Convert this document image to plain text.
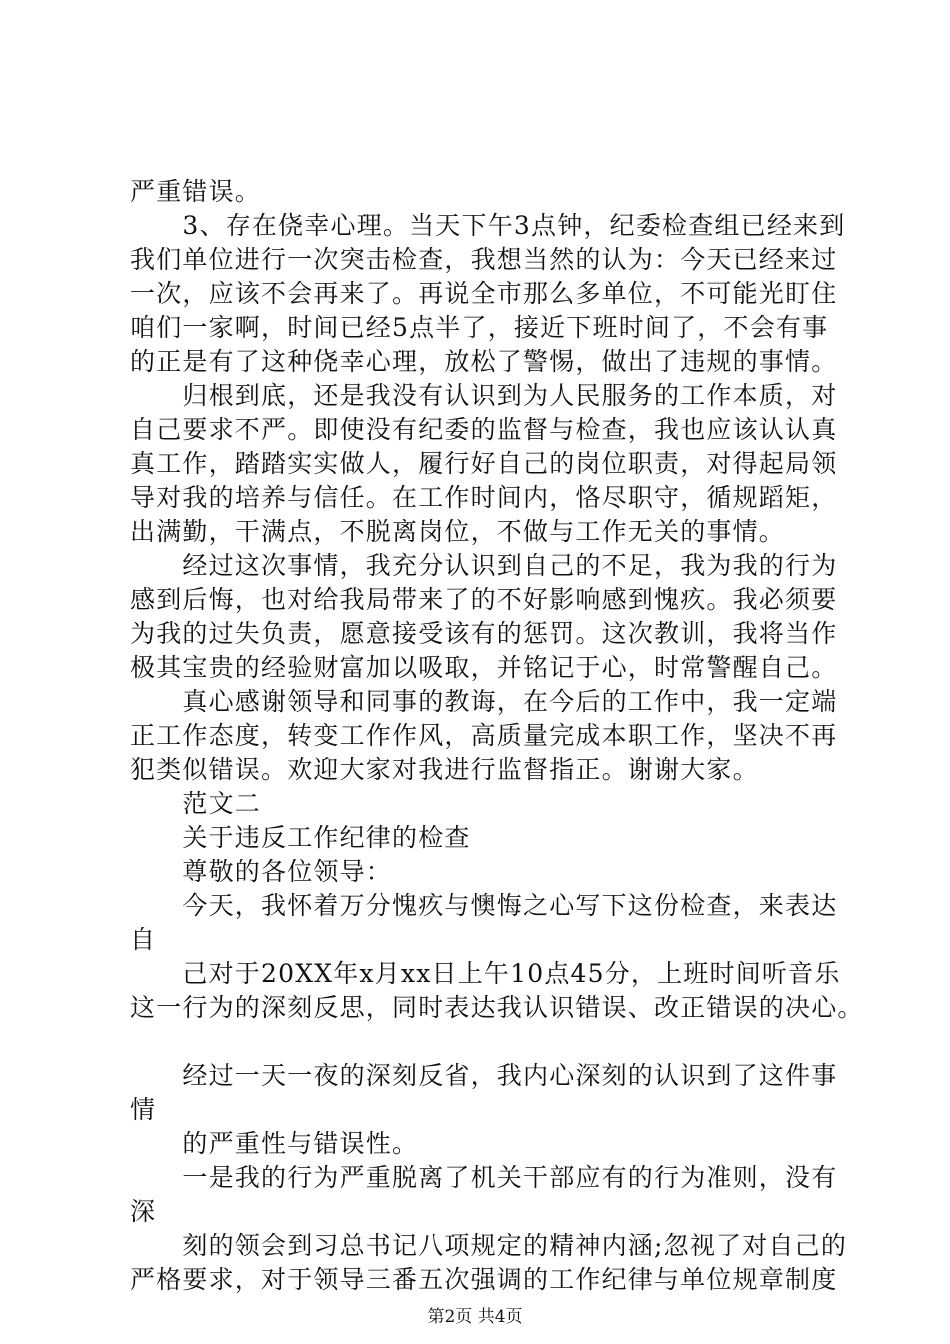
严重错误。
　　3、存在侥幸心理。当天下午3点钟，纪委检查组已经来到
我们单位进行一次突击检查，我想当然的认为：今天已经来过
一次，应该不会再来了。再说全市那么多单位，不可能光盯住
咱们一家啊，时间已经5点半了，接近下班时间了，不会有事
的正是有了这种侥幸心理，放松了警惕，做出了违规的事情。
　　归根到底，还是我没有认识到为人民服务的工作本质，对
自己要求不严。即使没有纪委的监督与检查，我也应该认认真
真工作，踏踏实实做人，履行好自己的岗位职责，对得起局领
导对我的培养与信任。在工作时间内，恪尽职守，循规蹈矩，
出满勤，干满点，不脱离岗位，不做与工作无关的事情。
　　经过这次事情，我充分认识到自己的不足，我为我的行为
感到后悔，也对给我局带来了的不好影响感到愧疚。我必须要
为我的过失负责，愿意接受该有的惩罚。这次教训，我将当作
极其宝贵的经验财富加以吸取，并铭记于心，时常警醒自己。
　　真心感谢领导和同事的教诲，在今后的工作中，我一定端
正工作态度，转变工作作风，高质量完成本职工作，坚决不再
犯类似错误。欢迎大家对我进行监督指正。谢谢大家。
　　范文二
　　关于违反工作纪律的检查
　　尊敬的各位领导：
　　今天，我怀着万分愧疚与懊悔之心写下这份检查，来表达
自
　　己对于20XX年x月xx日上午10点45分，上班时间听音乐
这一行为的深刻反思，同时表达我认识错误、改正错误的决心。
　　经过一天一夜的深刻反省，我内心深刻的认识到了这件事
情
　　的严重性与错误性。
　　一是我的行为严重脱离了机关干部应有的行为准则，没有
深
　　刻的领会到习总书记八项规定的精神内涵;忽视了对自己的
严格要求，对于领导三番五次强调的工作纪律与单位规章制度
第2页 共4页
